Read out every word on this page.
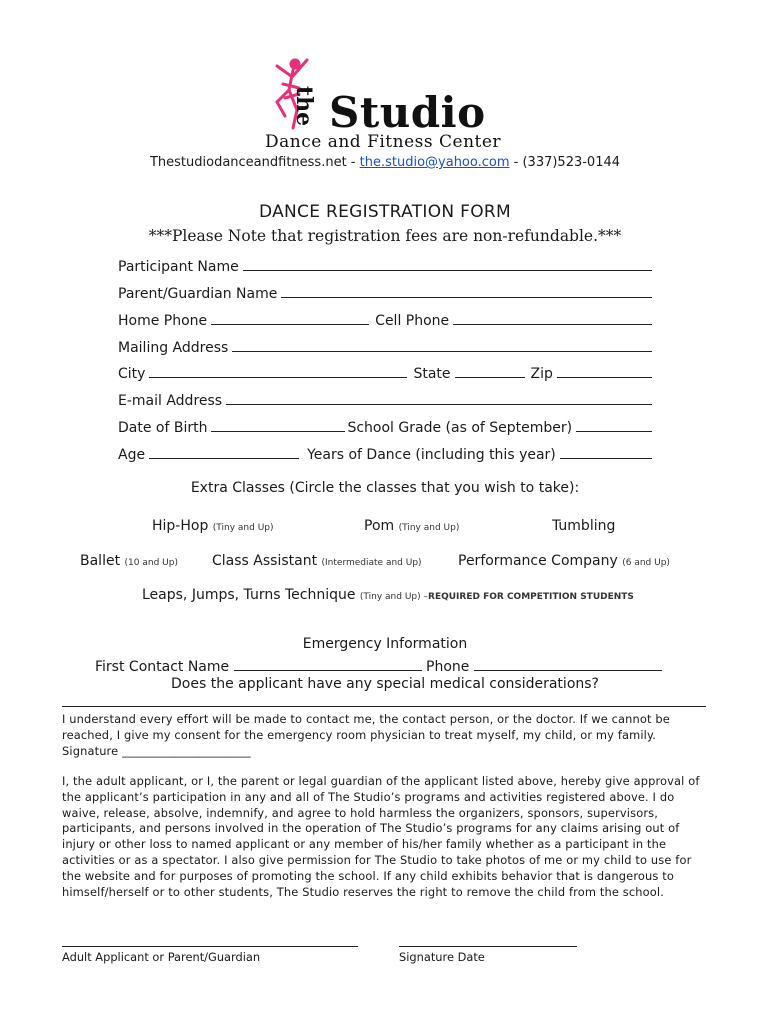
the Studio
Dance and Fitness Center
Thestudiodanceandfitness.net - the.studio@yahoo.com - (337)523-0144
DANCE REGISTRATION FORM
***Please Note that registration fees are non-refundable.***
Participant Name
Parent/Guardian Name
Home Phone	Cell Phone
Mailing Address
City	State	Zip
E-mail Address
Date of Birth	School Grade (as of September)
Age	Years of Dance (including this year)
Extra Classes (Circle the classes that you wish to take):
Hip-Hop (Tiny and Up)	Pom (Tiny and Up)	Tumbling
Ballet (10 and Up) Class Assistant (Intermediate and Up)	Performance Company (6 and Up)
Leaps, Jumps, Turns Technique (Tiny and Up) –REQUIRED FOR COMPETITION STUDENTS
Emergency Information
First Contact Name	Phone
Does the applicant have any special medical considerations?
I understand every effort will be made to contact me, the contact person, or the doctor. If we cannot be reached, I give my consent for the emergency room physician to treat myself, my child, or my family.
Signature ______________________
I, the adult applicant, or I, the parent or legal guardian of the applicant listed above, hereby give approval of the applicant’s participation in any and all of The Studio’s programs and activities registered above. I do waive, release, absolve, indemnify, and agree to hold harmless the organizers, sponsors, supervisors, participants, and persons involved in the operation of The Studio’s programs for any claims arising out of injury or other loss to named applicant or any member of his/her family whether as a participant in the activities or as a spectator. I also give permission for The Studio to take photos of me or my child to use for the website and for purposes of promoting the school. If any child exhibits behavior that is dangerous to himself/herself or to other students, The Studio reserves the right to remove the child from the school.
Adult Applicant or Parent/Guardian	Signature Date
